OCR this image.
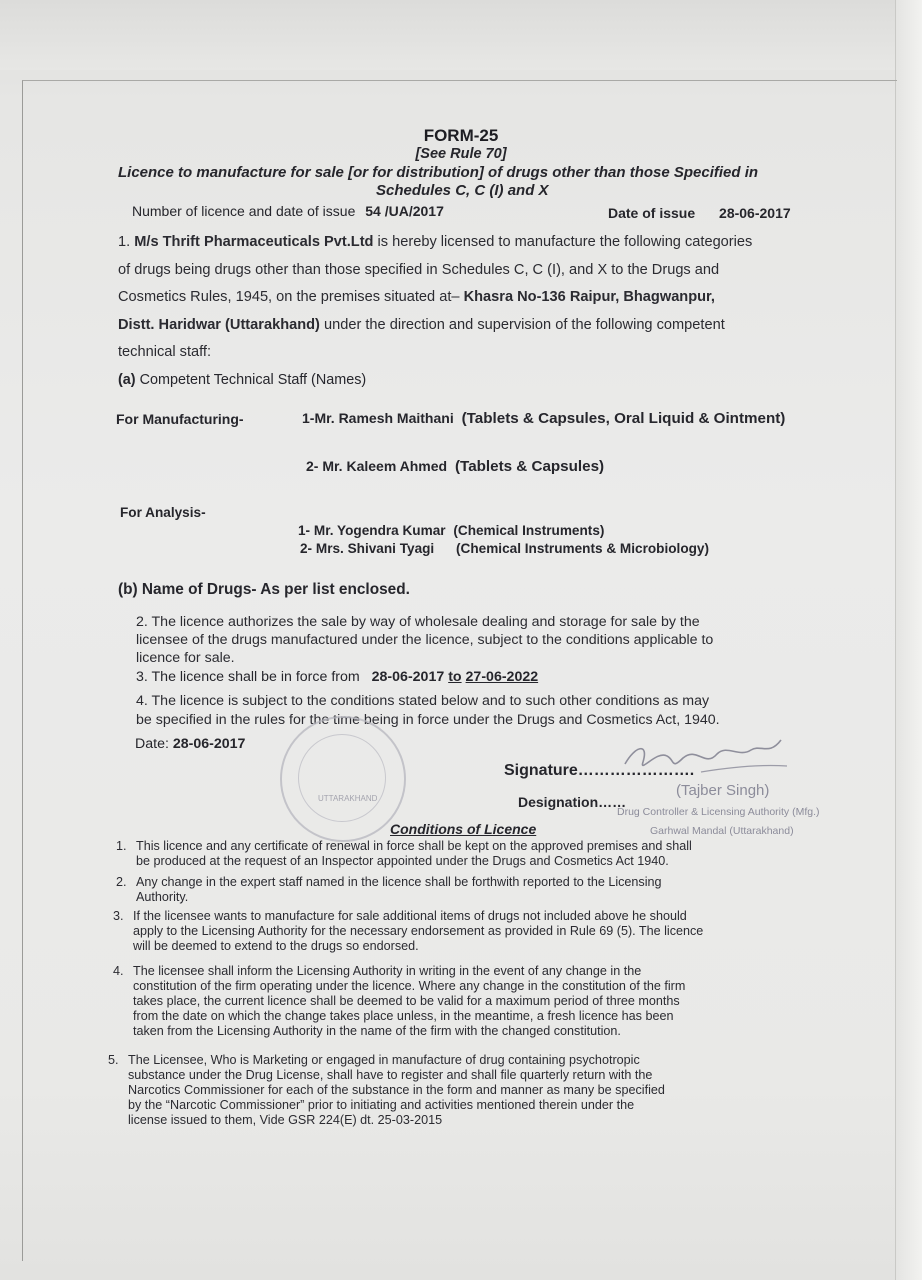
FORM-25
[See Rule 70]
Licence to manufacture for sale [or for distribution] of drugs other than those Specified in
Schedules C, C (I) and X
Number of licence and date of issue 54 /UA/2017	Date of issue 28-06-2017
1. M/s Thrift Pharmaceuticals Pvt.Ltd is hereby licensed to manufacture the following categories
of drugs being drugs other than those specified in Schedules C, C (I), and X to the Drugs and
Cosmetics Rules, 1945, on the premises situated at– Khasra No-136 Raipur, Bhagwanpur,
Distt. Haridwar (Uttarakhand) under the direction and supervision of the following competent
technical staff:
(a) Competent Technical Staff (Names)
For Manufacturing-	1-Mr. Ramesh Maithani (Tablets & Capsules, Oral Liquid & Ointment)
2- Mr. Kaleem Ahmed (Tablets & Capsules)
For Analysis-
1- Mr. Yogendra Kumar (Chemical Instruments)
2- Mrs. Shivani Tyagi (Chemical Instruments & Microbiology)
(b) Name of Drugs- As per list enclosed.
2. The licence authorizes the sale by way of wholesale dealing and storage for sale by the
licensee of the drugs manufactured under the licence, subject to the conditions applicable to
licence for sale.
3. The licence shall be in force from 28-06-2017 to 27-06-2022
4. The licence is subject to the conditions stated below and to such other conditions as may
be specified in the rules for the time being in force under the Drugs and Cosmetics Act, 1940.
Date: 28-06-2017
UTTARAKHAND
Signature………………….
Designation……
(Tajber Singh)
Drug Controller & Licensing Authority (Mfg.)
Garhwal Mandal (Uttarakhand)
Conditions of Licence
1. This licence and any certificate of renewal in force shall be kept on the approved premises and shall
be produced at the request of an Inspector appointed under the Drugs and Cosmetics Act 1940.
2. Any change in the expert staff named in the licence shall be forthwith reported to the Licensing
Authority.
3. If the licensee wants to manufacture for sale additional items of drugs not included above he should
apply to the Licensing Authority for the necessary endorsement as provided in Rule 69 (5). The licence
will be deemed to extend to the drugs so endorsed.
4. The licensee shall inform the Licensing Authority in writing in the event of any change in the
constitution of the firm operating under the licence. Where any change in the constitution of the firm
takes place, the current licence shall be deemed to be valid for a maximum period of three months
from the date on which the change takes place unless, in the meantime, a fresh licence has been
taken from the Licensing Authority in the name of the firm with the changed constitution.
5. The Licensee, Who is Marketing or engaged in manufacture of drug containing psychotropic
substance under the Drug License, shall have to register and shall file quarterly return with the
Narcotics Commissioner for each of the substance in the form and manner as many be specified
by the “Narcotic Commissioner” prior to initiating and activities mentioned therein under the
license issued to them, Vide GSR 224(E) dt. 25-03-2015
